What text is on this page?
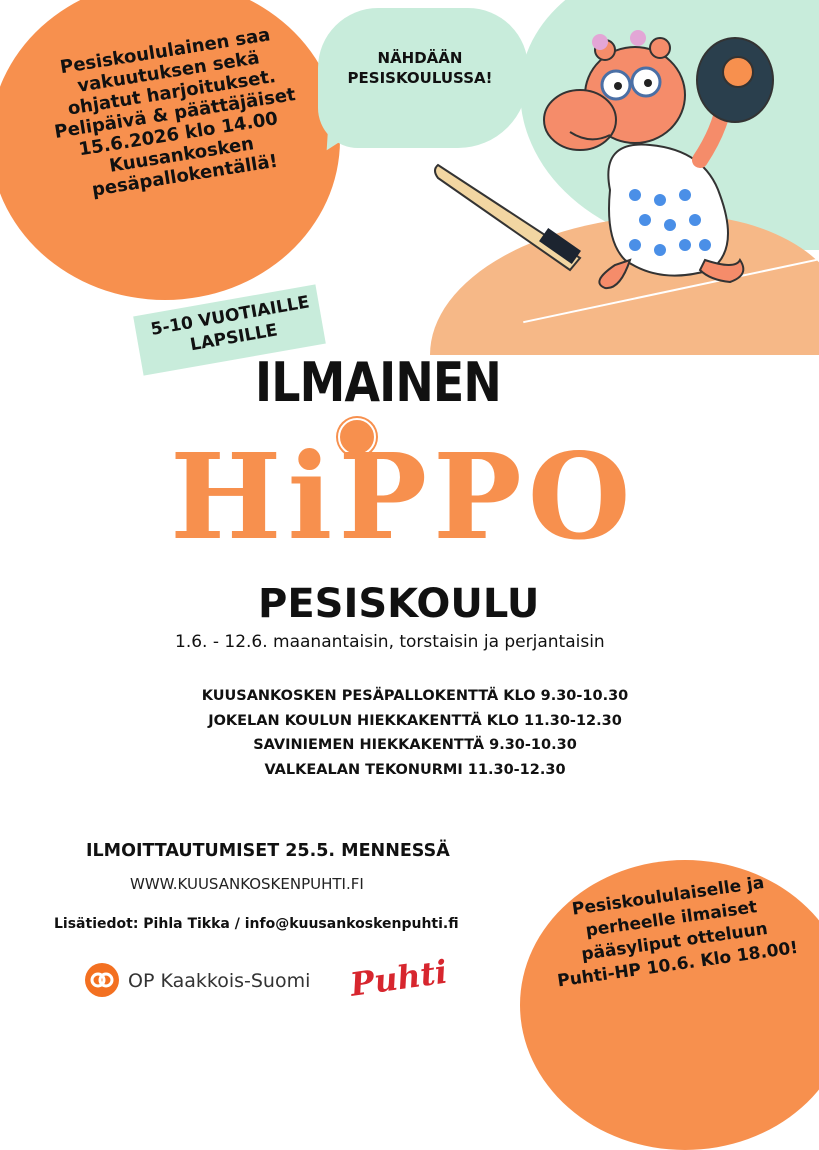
Pesiskoululainen saa vakuutuksen sekä ohjatut harjoitukset. Pelipäivä & päättäjäiset 15.6.2026 klo 14.00 Kuusankosken pesäpallokentällä!
NÄHDÄÄN PESISKOULUSSA!
5-10 VUOTIAILLE LAPSILLE
ILMAINEN
HiPPO
PESISKOULU
1.6. - 12.6. maanantaisin, torstaisin ja perjantaisin
KUUSANKOSKEN PESÄPALLOKENTTÄ KLO 9.30-10.30
JOKELAN KOULUN HIEKKAKENTTÄ KLO 11.30-12.30
SAVINIEMEN HIEKKAKENTTÄ 9.30-10.30
VALKEALAN TEKONURMI 11.30-12.30
ILMOITTAUTUMISET 25.5. MENNESSÄ
WWW.KUUSANKOSKENPUHTI.FI
Lisätiedot: Pihla Tikka / info@kuusankoskenpuhti.fi
OP Kaakkois-Suomi	Puhti
Pesiskoululaiselle ja perheelle ilmaiset pääsyliput otteluun Puhti-HP 10.6. Klo 18.00!
